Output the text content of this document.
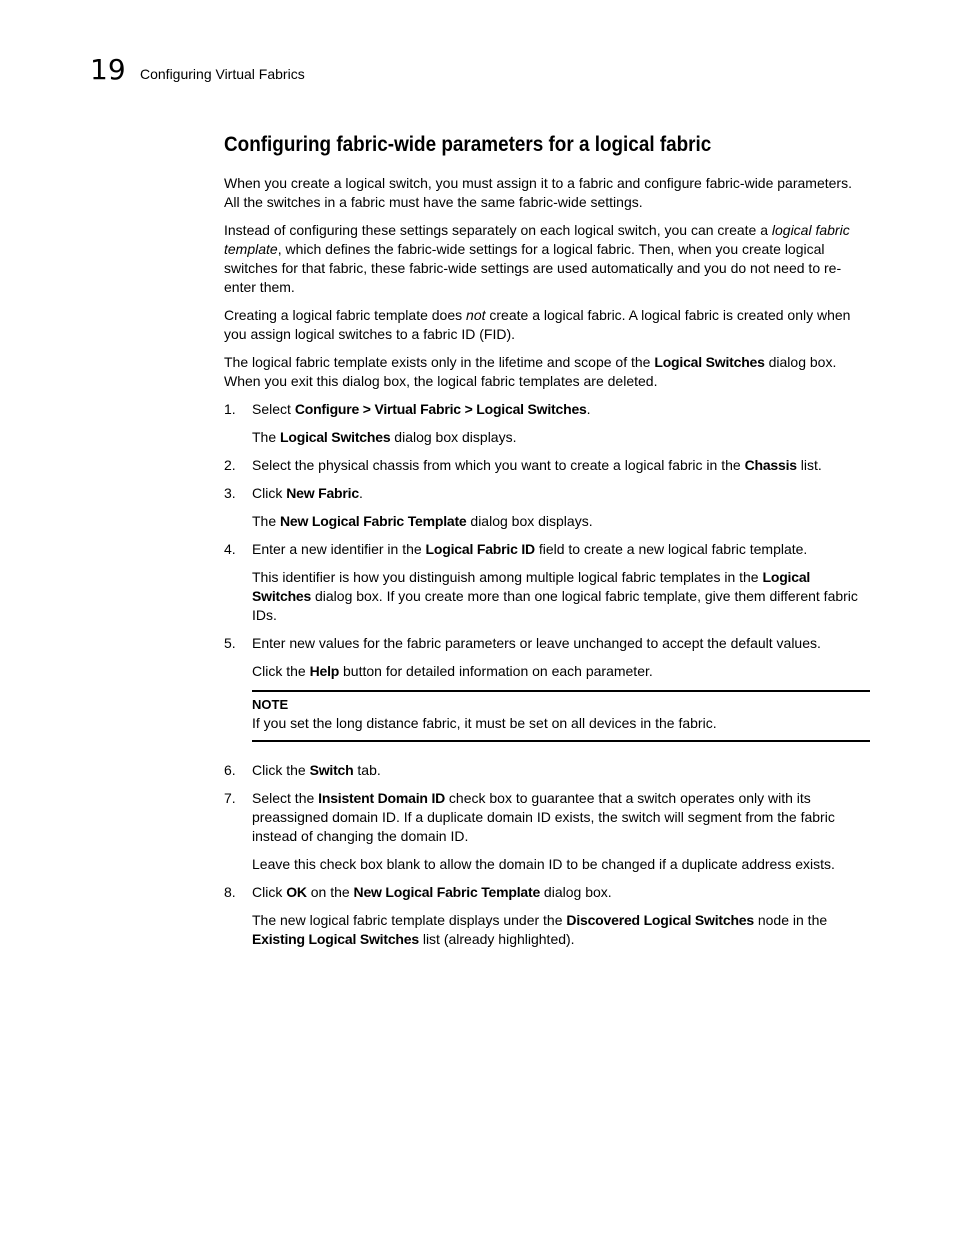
19 Configuring Virtual Fabrics
Configuring fabric-wide parameters for a logical fabric

When you create a logical switch, you must assign it to a fabric and configure fabric-wide parameters. All the switches in a fabric must have the same fabric-wide settings.

Instead of configuring these settings separately on each logical switch, you can create a logical fabric template, which defines the fabric-wide settings for a logical fabric. Then, when you create logical switches for that fabric, these fabric-wide settings are used automatically and you do not need to re-enter them.

Creating a logical fabric template does not create a logical fabric. A logical fabric is created only when you assign logical switches to a fabric ID (FID).

The logical fabric template exists only in the lifetime and scope of the Logical Switches dialog box. When you exit this dialog box, the logical fabric templates are deleted.

1. Select Configure > Virtual Fabric > Logical Switches.

The Logical Switches dialog box displays.

2. Select the physical chassis from which you want to create a logical fabric in the Chassis list.
3. Click New Fabric.

The New Logical Fabric Template dialog box displays.

4. Enter a new identifier in the Logical Fabric ID field to create a new logical fabric template.

This identifier is how you distinguish among multiple logical fabric templates in the Logical Switches dialog box. If you create more than one logical fabric template, give them different fabric IDs.

5. Enter new values for the fabric parameters or leave unchanged to accept the default values.

Click the Help button for detailed information on each parameter.

NOTE
If you set the long distance fabric, it must be set on all devices in the fabric.
6. Click the Switch tab.
7. Select the Insistent Domain ID check box to guarantee that a switch operates only with its preassigned domain ID. If a duplicate domain ID exists, the switch will segment from the fabric instead of changing the domain ID.

Leave this check box blank to allow the domain ID to be changed if a duplicate address exists.

8. Click OK on the New Logical Fabric Template dialog box.

The new logical fabric template displays under the Discovered Logical Switches node in the Existing Logical Switches list (already highlighted).
